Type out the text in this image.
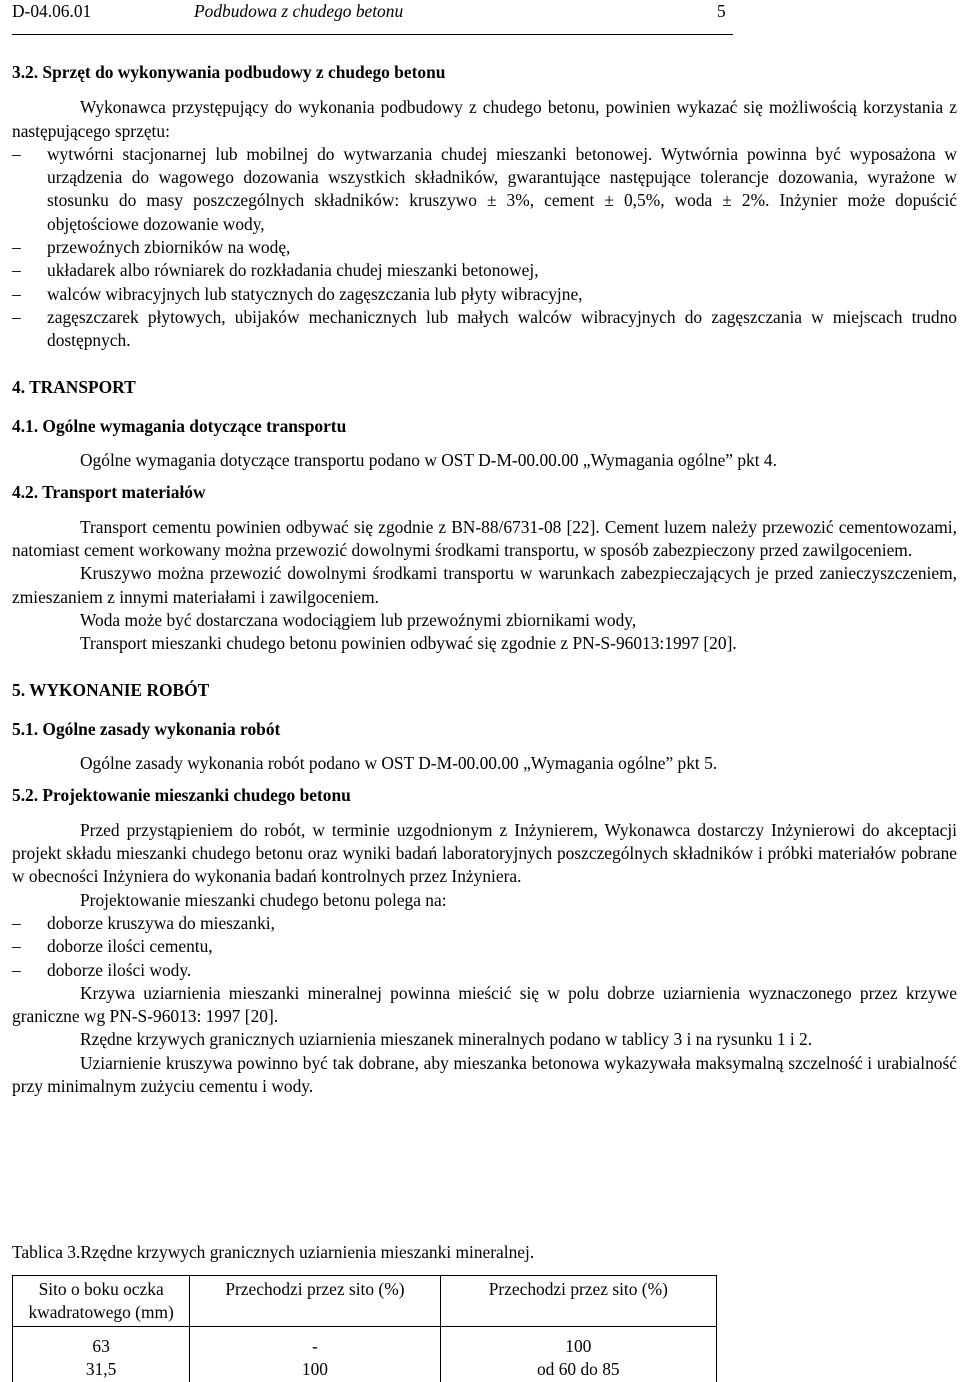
D-04.06.01	Podbudowa z chudego betonu	5

3.2. Sprzęt do wykonywania podbudowy z chudego betonu

Wykonawca przystępujący do wykonania podbudowy z chudego betonu, powinien wykazać się możliwością korzystania z następującego sprzętu:

– wytwórni stacjonarnej lub mobilnej do wytwarzania chudej mieszanki betonowej. Wytwórnia powinna być wyposażona w urządzenia do wagowego dozowania wszystkich składników, gwarantujące następujące tolerancje dozowania, wyrażone w stosunku do masy poszczególnych składników: kruszywo ± 3%, cement ± 0,5%, woda ± 2%. Inżynier może dopuścić objętościowe dozowanie wody,

– przewoźnych zbiorników na wodę,

– układarek albo równiarek do rozkładania chudej mieszanki betonowej,

– walców wibracyjnych lub statycznych do zagęszczania lub płyty wibracyjne,

– zagęszczarek płytowych, ubijaków mechanicznych lub małych walców wibracyjnych do zagęszczania w miejscach trudno dostępnych.

4. TRANSPORT

4.1. Ogólne wymagania dotyczące transportu

Ogólne wymagania dotyczące transportu podano w OST D-M-00.00.00 „Wymagania ogólne” pkt 4.

4.2. Transport materiałów

Transport cementu powinien odbywać się zgodnie z BN-88/6731-08 [22]. Cement luzem należy przewozić cementowozami, natomiast cement workowany można przewozić dowolnymi środkami transportu, w sposób zabezpieczony przed zawilgoceniem.

Kruszywo można przewozić dowolnymi środkami transportu w warunkach zabezpieczających je przed zanieczyszczeniem, zmieszaniem z innymi materiałami i zawilgoceniem.

Woda może być dostarczana wodociągiem lub przewoźnymi zbiornikami wody,

Transport mieszanki chudego betonu powinien odbywać się zgodnie z PN-S-96013:1997 [20].

5. WYKONANIE ROBÓT

5.1. Ogólne zasady wykonania robót

Ogólne zasady wykonania robót podano w OST D-M-00.00.00 „Wymagania ogólne” pkt 5.

5.2. Projektowanie mieszanki chudego betonu

Przed przystąpieniem do robót, w terminie uzgodnionym z Inżynierem, Wykonawca dostarczy Inżynierowi do akceptacji projekt składu mieszanki chudego betonu oraz wyniki badań laboratoryjnych poszczególnych składników i próbki materiałów pobrane w obecności Inżyniera do wykonania badań kontrolnych przez Inżyniera.

Projektowanie mieszanki chudego betonu polega na:

– doborze kruszywa do mieszanki,

– doborze ilości cementu,

– doborze ilości wody.

Krzywa uziarnienia mieszanki mineralnej powinna mieścić się w polu dobrze uziarnienia wyznaczonego przez krzywe graniczne wg PN-S-96013: 1997 [20].

Rzędne krzywych granicznych uziarnienia mieszanek mineralnych podano w tablicy 3 i na rysunku 1 i 2.

Uziarnienie kruszywa powinno być tak dobrane, aby mieszanka betonowa wykazywała maksymalną szczelność i urabialność przy minimalnym zużyciu cementu i wody.

Tablica 3.Rzędne krzywych granicznych uziarnienia mieszanki mineralnej.

Sito o boku oczka kwadratowego (mm)	Przechodzi przez sito (%)	Przechodzi przez sito (%)
63	-	100
31,5	100	od 60 do 85
